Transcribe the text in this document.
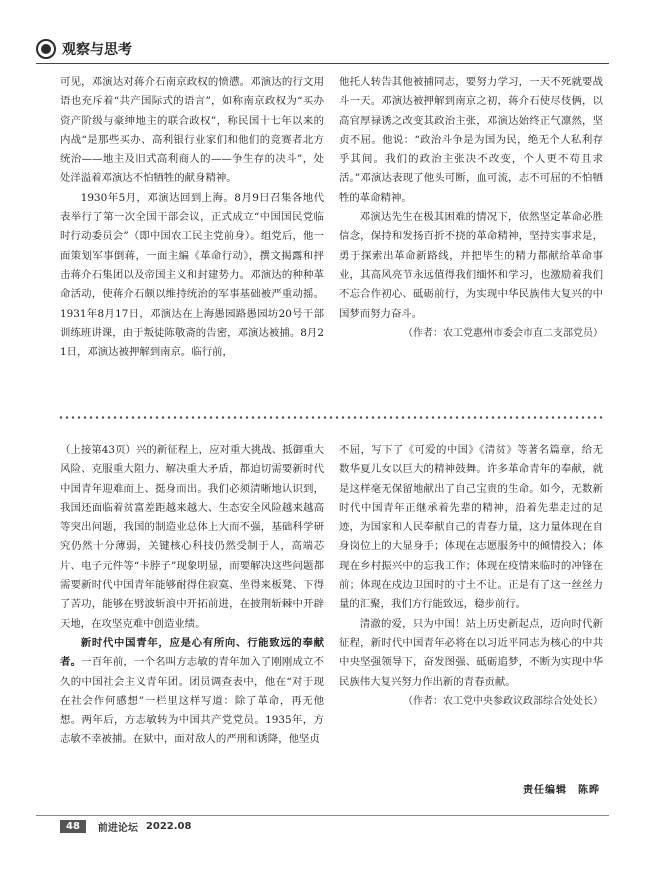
观察与思考

可见，邓演达对蒋介石南京政权的愤懑。邓演达的行文用语也充斥着“共产国际式的语言”，如称南京政权为“买办资产阶级与豪绅地主的联合政权”，称民国十七年以来的内战“是那些买办、高利银行业家们和他们的竞赛者北方统治——地主及旧式高利商人的——争生存的决斗”，处处洋溢着邓演达不怕牺牲的献身精神。

1930年5月，邓演达回到上海。8月9日召集各地代表举行了第一次全国干部会议，正式成立“中国国民党临时行动委员会”（即中国农工民主党前身）。组党后，他一面策划军事倒蒋，一面主编《革命行动》，撰文揭露和抨击蒋介石集团以及帝国主义和封建势力。邓演达的种种革命活动，使蒋介石颇以维持统治的军事基础被严重动摇。1931年8月17日，邓演达在上海愚园路愚园坊20号干部训练班讲课，由于叛徒陈敬斋的告密，邓演达被捕。8月21日，邓演达被押解到南京。临行前，

他托人转告其他被捕同志，要努力学习，一天不死就要战斗一天。邓演达被押解到南京之初，蒋介石使尽伎俩，以高官厚禄诱之改变其政治主张，邓演达始终正气凛然，坚贞不屈。他说：“政治斗争是为国为民，绝无个人私利存乎其间。我们的政治主张决不改变，个人更不苟且求活。”邓演达表现了他头可断，血可流，志不可屈的不怕牺牲的革命精神。

邓演达先生在极其困难的情况下，依然坚定革命必胜信念，保持和发扬百折不挠的革命精神，坚持实事求是，勇于探索出革命新路线，并把毕生的精力都献给革命事业，其高风亮节永远值得我们缅怀和学习，也激励着我们不忘合作初心、砥砺前行，为实现中华民族伟大复兴的中国梦而努力奋斗。

（作者：农工党惠州市委会市直二支部党员）

（上接第43页）兴的新征程上，应对重大挑战、抵御重大风险、克服重大阻力、解决重大矛盾，都迫切需要新时代中国青年迎难而上、挺身而出。我们必须清晰地认识到，我国还面临着贫富差距越来越大、生态安全风险越来越高等突出问题，我国的制造业总体上大而不强，基础科学研究仍然十分薄弱，关键核心科技仍然受制于人，高端芯片、电子元件等“卡脖子”现象明显，而要解决这些问题都需要新时代中国青年能够耐得住寂寞、坐得来板凳、下得了苦功，能够在劈波斩浪中开拓前进，在披荆斩棘中开辟天地，在攻坚克难中创造业绩。

新时代中国青年，应是心有所向、行能致远的奉献者。一百年前，一个名叫方志敏的青年加入了刚刚成立不久的中国社会主义青年团。团员调查表中，他在“对于现在社会作何感想”一栏里这样写道：除了革命，再无他想。两年后，方志敏转为中国共产党党员。1935年，方志敏不幸被捕。在狱中，面对敌人的严刑和诱降，他坚贞

不屈，写下了《可爱的中国》《清贫》等著名篇章，给无数华夏儿女以巨大的精神鼓舞。许多革命青年的奉献，就是这样毫无保留地献出了自己宝贵的生命。如今，无数新时代中国青年正继承着先辈的精神，沿着先辈走过的足迹，为国家和人民奉献自己的青春力量，这力量体现在自身岗位上的大显身手；体现在志愿服务中的倾情投入；体现在乡村振兴中的忘我工作；体现在疫情来临时的冲锋在前；体现在戍边卫国时的寸土不让。正是有了这一丝丝力量的汇聚，我们方行能致远，稳步前行。

清澈的爱，只为中国！站上历史新起点，迈向时代新征程，新时代中国青年必将在以习近平同志为核心的中共中央坚强领导下，奋发图强、砥砺追梦，不断为实现中华民族伟大复兴努力作出新的青春贡献。

（作者：农工党中央参政议政部综合处处长）

责任编辑　陈晔
48	前进论坛 2022.08
